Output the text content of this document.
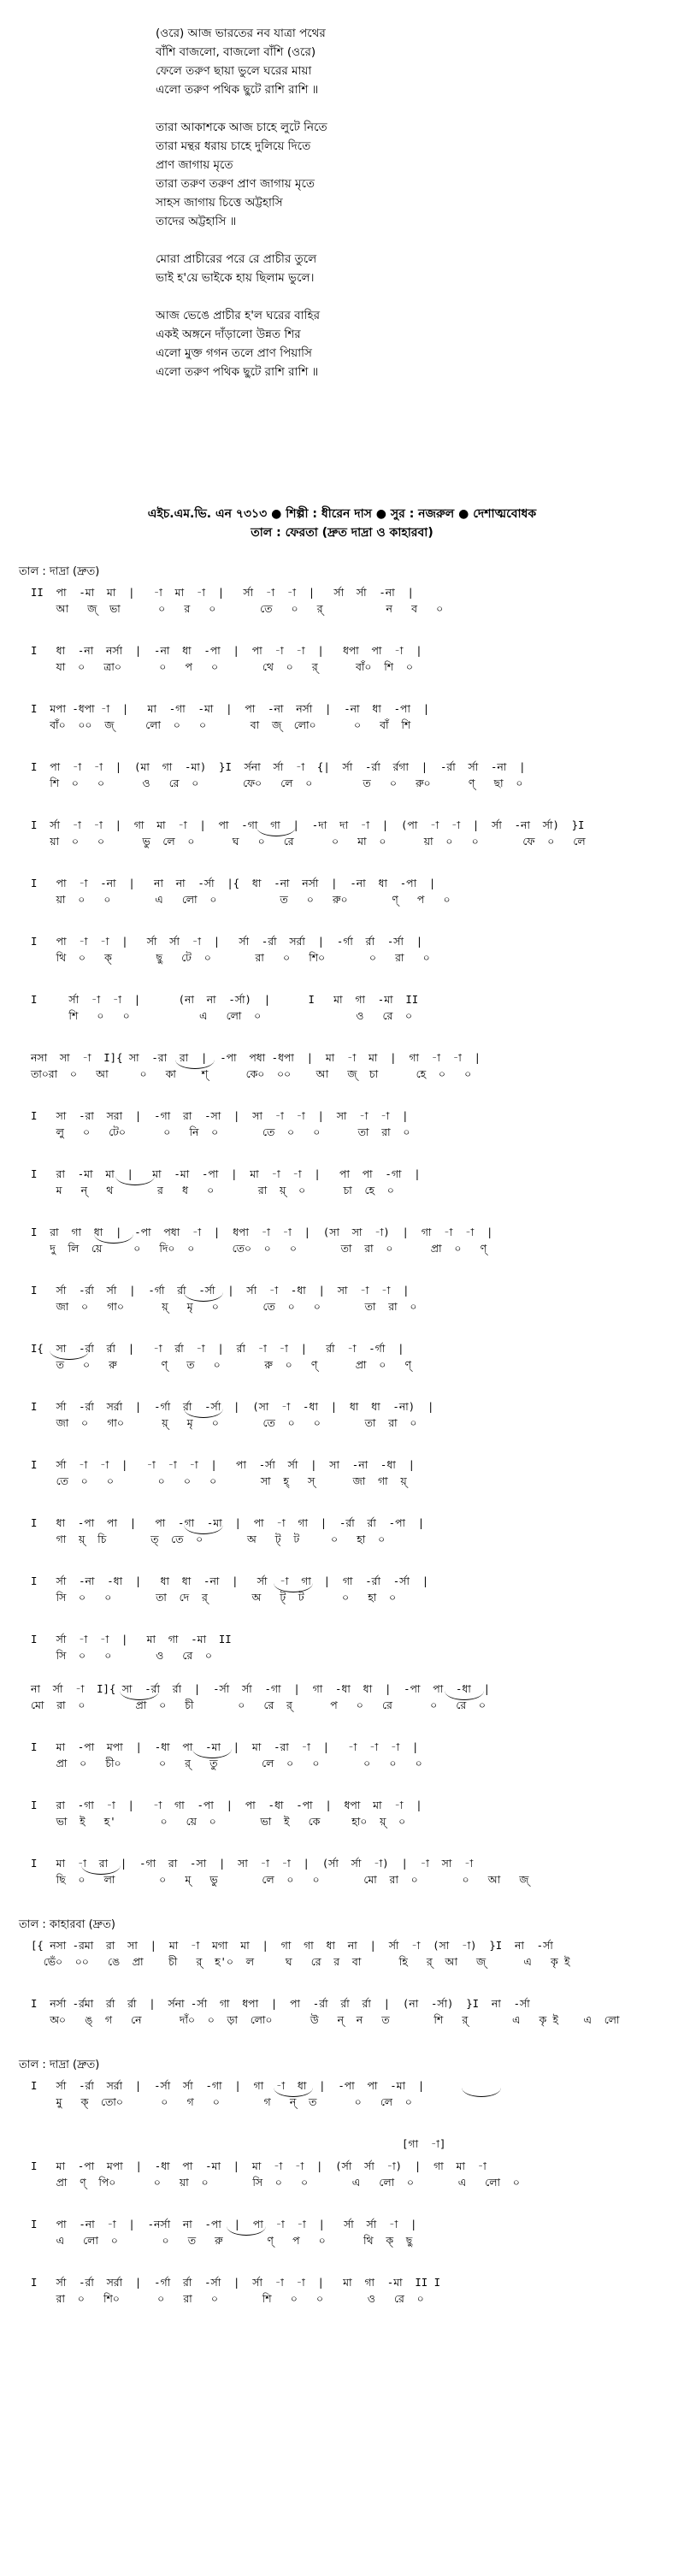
(ওরে) আজ ভারতের নব যাত্রা পথের
বাঁশি বাজলো, বাজলো বাঁশি (ওরে)
ফেলে তরুণ ছায়া ভুলে ঘরের মায়া
এলো তরুণ পথিক ছুটে রাশি রাশি ॥
তারা আকাশকে আজ চাহে লুটে নিতে
তারা মন্থর ধরায় চাহে দুলিয়ে দিতে
প্রাণ জাগায় মৃতে
তারা তরুণ তরুণ প্রাণ জাগায় মৃতে
সাহস জাগায় চিত্তে অট্টহাসি
তাদের অট্টহাসি ॥
মোরা প্রাচীরের পরে রে প্রাচীর তুলে
ভাই হ'য়ে ভাইকে হায় ছিলাম ভুলে।
আজ ভেঙে প্রাচীর হ'ল ঘরের বাহির
একই অঙ্গনে দাঁড়ালো উন্নত শির
এলো মুক্ত গগন তলে প্রাণ পিয়াসি
এলো তরুণ পথিক ছুটে রাশি রাশি ॥
এইচ.এম.ভি. এন ৭৩১৩ ● শিল্পী : ধীরেন দাস ● সুর : নজরুল ● দেশাত্মবোধক
তাল : ফেরতা (দ্রুত দাদ্রা ও কাহারবা)
তাল : দাদ্রা (দ্রুত)
II  পা  -মা  মা  |   -া  মা  -া  |   র্সা  -া  -া  |   র্সা  র্সা  -না  |
আ   জ্  ভা      ০   র   ০       তে   ০   র্          ন   ব   ০
I   ধা  -না  নর্সা  |  -না  ধা  -পা  |  পা  -া  -া  |   ধপা  পা  -া  |
যা  ০   ত্রা০      ০   প   ০       থে  ০   র্      বাঁ০  শি  ০
I  মপা -ধপা -া  |   মা  -গা  -মা  |  পা  -না  নর্সা  |  -না  ধা  -পা  |
বাঁ০  ০০  জ্     লো  ০   ০       বা  জ্  লো০      ০   বাঁ  শি
I  পা  -া  -া  |  (মা  গা  -মা)  }I  র্সনা  র্সা  -া  {|  র্সা  -র্রা  র্রগা  |  -র্রা  র্সা  -না  |
শি  ০   ০      ও   রে  ০       ফে০   লে  ০        ত   ০   রু০      ণ্   ছা  ০
I  র্সা  -া  -া  |  গা  মা  -া  |  পা  -গা  গা  |  -দা  দা  -া  |  (পা  -া  -া  |  র্সা  -না  র্সা)  }I
য়া  ০   ০      ভু  লে  ০      ঘ   ০   রে      ০   মা  ০      য়া  ০   ০       ফে  ০   লে
I   পা  -া  -না  |   না  না  -র্সা  |{  ধা  -না  নর্সা  |  -না  ধা  -পা  |
য়া  ০   ০       এ   লো  ০          ত   ০   রু০       ণ্   প   ০
I   পা  -া  -া  |   র্সা  র্সা  -া  |   র্সা  -র্রা  সর্রা  |  -র্গা  র্রা  -র্সা  |
থি  ০   ক্       ছু   টে  ০       রা   ০   শি০       ০   রা   ০
I     র্সা  -া  -া  |      (না  না  -র্সা)  |      I   মা  গা  -মা  II
শি   ০   ০           এ   লো  ০               ও   রে  ০
নসা  সা  -া  I]{ সা  -রা  রা  |  -পা  পধা -ধপা  |  মা  -া  মা  |  গা  -া  -া  |
তা০রা  ০   আ     ০   কা    শ্      কে০  ০০    আ   জ্  চা      হে  ০   ০
I   সা  -রা  সরা  |  -গা  রা  -সা  |  সা  -া  -া  |  সা  -া  -া  |
লু   ০   টে০      ০   নি  ০       তে  ০   ০      তা  রা  ০
I   রা  -মা  মা  |   মা  -মা  -পা  |  মা  -া  -া  |   পা  পা  -গা  |
ম   ন্   থ       র   ধ   ০       রা  য়্  ০      চা  হে  ০
I  রা  গা  ধা  |  -পা  পধা  -া  |  ধপা  -া  -া  |  (সা  সা  -া)  |  গা  -া  -া  |
দু  লি  য়ে     ০   দি০  ০      তে০  ০   ০       তা  রা  ০      প্রা  ০   ণ্
I   র্সা  -র্রা  র্সা  |  -র্গা  র্রা  -র্সা  |  র্সা  -া  -ধা  |  সা  -া  -া  |
জা  ০   গা০      য়্   মৃ   ০       তে  ০   ০       তা  রা  ০
I{  সা  -র্রা  র্রা  |   -া  র্রা  -া  |  র্রা  -া  -া  |   র্রা  -া  -র্গা  |
ত   ০   রু       ণ্   ত   ০       রু  ০   ণ্      প্রা  ০   ণ্
I   র্সা  -র্রা  সর্রা  |  -র্গা  র্রা  -র্সা  |  (সা  -া  -ধা  |  ধা  ধা  -না)  |
জা  ০   গা০      য়্   মৃ   ০       তে  ০   ০       তা  রা  ০
I   র্সা  -া  -া  |   -া  -া  -া  |   পা  -র্সা  র্সা  |  সা  -না  -ধা  |
তে  ০   ০       ০   ০   ০       সা  হ্   স্      জা  গা  য়্
I   ধা  -পা  পা  |   পা  -গা  -মা  |  পা  -া  গা  |  -র্রা  র্রা  -পা  |
গা  য়্  চি       ত্  তে  ০       অ   ট্  ট     ০   হা  ০
I   র্সা  -না  -ধা  |   ধা  ধা  -না  |   র্সা  -া  গা  |  গা  -র্রা  -র্সা  |
সি  ০   ০       তা  দে  র্       অ   ট্  ট      ০   হা  ০
I   র্সা  -া  -া  |   মা  গা  -মা  II
সি  ০   ০       ও   রে  ০
না  র্সা  -া  I]{ সা  -র্রা  র্রা  |  -র্সা  র্সা  -গা  |  গা  -ধা  ধা  |  -পা  পা  -ধা  |
মো  রা  ০        প্রা  ০   চী       ০   রে  র্      প   ০   রে      ০   রে  ০
I   মা  -পা  মপা  |  -ধা  পা  -মা  |  মা  -রা  -া  |   -া  -া  -া  |
প্রা  ০   চী০      ০   র্   তু       লে  ০   ০       ০   ০   ০
I   রা  -গা  -া  |   -া  গা  -পা  |  পা  -ধা  -পা  |  ধপা  মা  -া  |
ভা  ই   হ'       ০   য়ে  ০       ভা  ই   কে     হা০  য়্  ০
I   মা  -া  রা  |  -গা  রা  -সা  |  সা  -া  -া  |  (র্সা  র্সা  -া)  |  -া  সা  -া
ছি  ০   লা       ০   ম্   ভু       লে  ০   ০       মো  রা  ০       ০   আ   জ্
তাল : কাহারবা (দ্রুত)
[{ নসা -রমা  রা  সা  |  মা  -া  মগা  মা  |  গা  গা  ধা  না  |  র্সা  -া  (সা  -া)  }I  না  -র্সা
ভেঁ০  ০০   ঙে  প্রা    চী   র্  হ'০  ল     ঘ   রে  র  বা      হি   র্  আ   জ্      এ   কৃ ই
I  নর্সা -র্রমা  র্রা  র্রা  |  র্সনা -র্সা  গা  ধপা  |  পা  -র্রা  র্রা  র্রা  |  (না  -র্সা)  }I  না  -র্সা
অ০   ঙ্  গ   নে      দাঁ০  ০  ড়া  লো০      উ   ন্  ন   ত       শি   র্       এ   কৃ ই    এ  লো
তাল : দাদ্রা (দ্রুত)
I   র্সা  -র্রা  সর্রা  |  -র্সা  র্সা  -গা  |  গা  -া  ধা  |  -পা  পা  -মা  |
মু   ক্  তো০      ০   গ   ০       গ   ন্  ত      ০   লে  ০
[গা  -া]
I   মা  -পা  মপা  |  -ধা  পা  -মা  |  মা  -া  -া  |  (র্সা  র্সা  -া)  |  গা  মা  -া
প্রা  ণ্  পি০      ০   য়া  ০       সি  ০   ০       এ   লো  ০       এ   লো  ০
I   পা  -না  -া  |  -নর্সা  না  -পা  |  পা  -া  -া  |   র্সা  র্সা  -া  |
এ   লো  ০       ০   ত   রু       ণ্   প   ০      থি  ক্  ছু
I   র্সা  -র্রা  সর্রা  |  -র্গা  র্রা  -র্সা  |  র্সা  -া  -া  |   মা  গা  -মা  II I
রা  ০   শি০      ০   রা   ০       শি   ০   ০       ও   রে  ০
